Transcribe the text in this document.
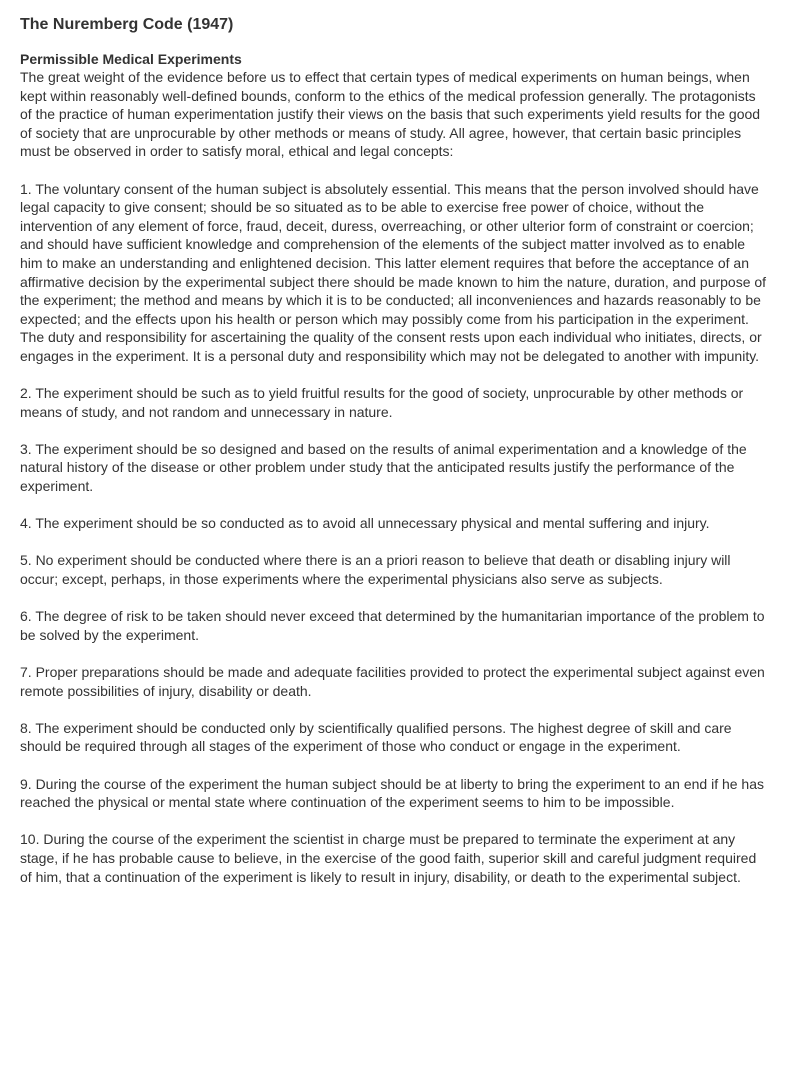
The Nuremberg Code (1947)
Permissible Medical Experiments

The great weight of the evidence before us to effect that certain types of medical experiments on human beings, when kept within reasonably well-defined bounds, conform to the ethics of the medical profession generally. The protagonists of the practice of human experimentation justify their views on the basis that such experiments yield results for the good of society that are unprocurable by other methods or means of study. All agree, however, that certain basic principles must be observed in order to satisfy moral, ethical and legal concepts:

1. The voluntary consent of the human subject is absolutely essential. This means that the person involved should have legal capacity to give consent; should be so situated as to be able to exercise free power of choice, without the intervention of any element of force, fraud, deceit, duress, overreaching, or other ulterior form of constraint or coercion; and should have sufficient knowledge and comprehension of the elements of the subject matter involved as to enable him to make an understanding and enlightened decision. This latter element requires that before the acceptance of an affirmative decision by the experimental subject there should be made known to him the nature, duration, and purpose of the experiment; the method and means by which it is to be conducted; all inconveniences and hazards reasonably to be expected; and the effects upon his health or person which may possibly come from his participation in the experiment. The duty and responsibility for ascertaining the quality of the consent rests upon each individual who initiates, directs, or engages in the experiment. It is a personal duty and responsibility which may not be delegated to another with impunity.
2. The experiment should be such as to yield fruitful results for the good of society, unprocurable by other methods or means of study, and not random and unnecessary in nature.
3. The experiment should be so designed and based on the results of animal experimentation and a knowledge of the natural history of the disease or other problem under study that the anticipated results justify the performance of the experiment.
4. The experiment should be so conducted as to avoid all unnecessary physical and mental suffering and injury.
5. No experiment should be conducted where there is an a priori reason to believe that death or disabling injury will occur; except, perhaps, in those experiments where the experimental physicians also serve as subjects.
6. The degree of risk to be taken should never exceed that determined by the humanitarian importance of the problem to be solved by the experiment.
7. Proper preparations should be made and adequate facilities provided to protect the experimental subject against even remote possibilities of injury, disability or death.
8. The experiment should be conducted only by scientifically qualified persons. The highest degree of skill and care should be required through all stages of the experiment of those who conduct or engage in the experiment.
9. During the course of the experiment the human subject should be at liberty to bring the experiment to an end if he has reached the physical or mental state where continuation of the experiment seems to him to be impossible.
10. During the course of the experiment the scientist in charge must be prepared to terminate the experiment at any stage, if he has probable cause to believe, in the exercise of the good faith, superior skill and careful judgment required of him, that a continuation of the experiment is likely to result in injury, disability, or death to the experimental subject.
